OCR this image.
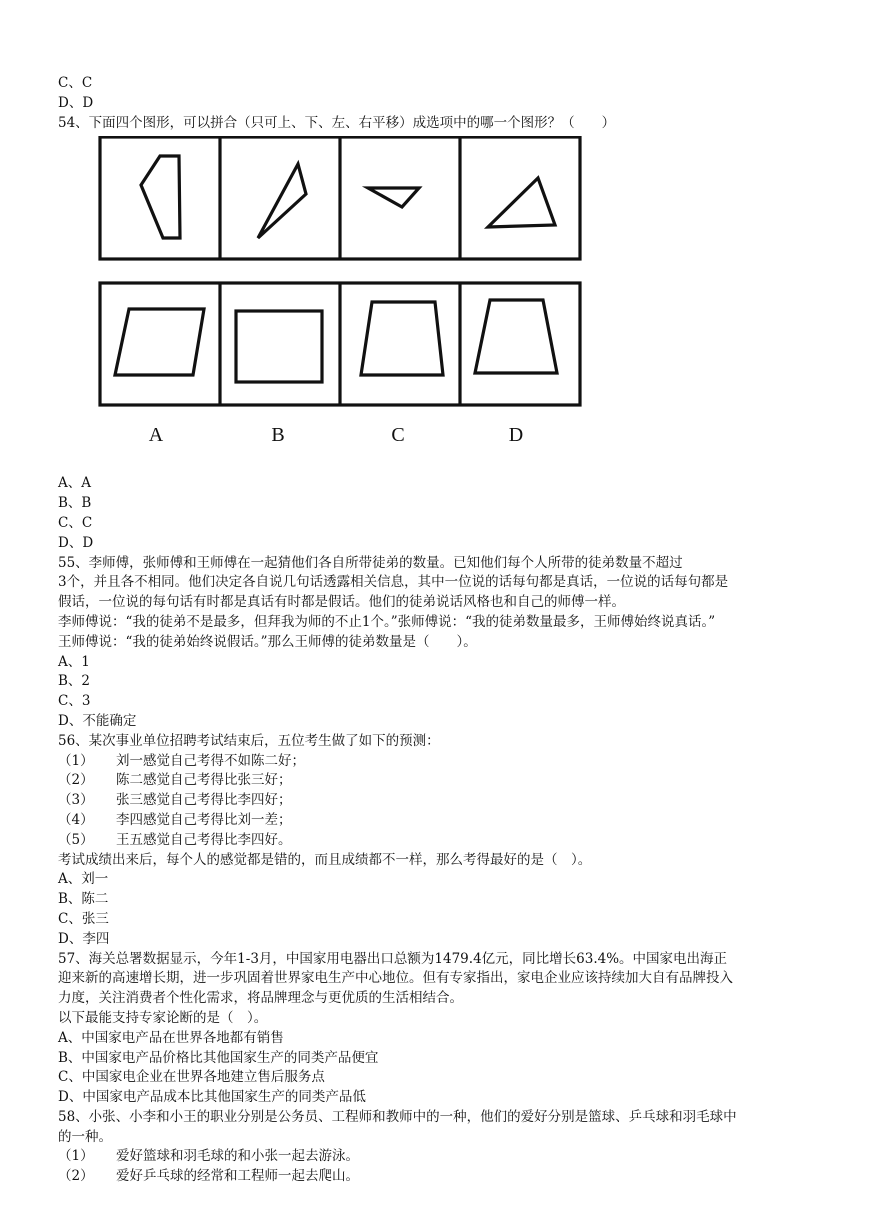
C、C
D、D
54、下面四个图形，可以拼合（只可上、下、左、右平移）成选项中的哪一个图形？（　　）
A	B	C	D
A、A
B、B
C、C
D、D
55、李师傅，张师傅和王师傅在一起猜他们各自所带徒弟的数量。已知他们每个人所带的徒弟数量不超过
3个，并且各不相同。他们决定各自说几句话透露相关信息，其中一位说的话每句都是真话，一位说的话每句都是
假话，一位说的每句话有时都是真话有时都是假话。他们的徒弟说话风格也和自己的师傅一样。
李师傅说：“我的徒弟不是最多，但拜我为师的不止1个。”张师傅说：“我的徒弟数量最多，王师傅始终说真话。”
王师傅说：“我的徒弟始终说假话。”那么王师傅的徒弟数量是（　　）。
A、1
B、2
C、3
D、不能确定
56、某次事业单位招聘考试结束后，五位考生做了如下的预测：
（1） 刘一感觉自己考得不如陈二好；
（2） 陈二感觉自己考得比张三好；
（3） 张三感觉自己考得比李四好；
（4） 李四感觉自己考得比刘一差；
（5） 王五感觉自己考得比李四好。
考试成绩出来后，每个人的感觉都是错的，而且成绩都不一样，那么考得最好的是（　）。
A、刘一
B、陈二
C、张三
D、李四
57、海关总署数据显示，今年1-3月，中国家用电器出口总额为1479.4亿元，同比增长63.4%。中国家电出海正
迎来新的高速增长期，进一步巩固着世界家电生产中心地位。但有专家指出，家电企业应该持续加大自有品牌投入
力度，关注消费者个性化需求，将品牌理念与更优质的生活相结合。
以下最能支持专家论断的是（　）。
A、中国家电产品在世界各地都有销售
B、中国家电产品价格比其他国家生产的同类产品便宜
C、中国家电企业在世界各地建立售后服务点
D、中国家电产品成本比其他国家生产的同类产品低
58、小张、小李和小王的职业分别是公务员、工程师和教师中的一种，他们的爱好分别是篮球、乒乓球和羽毛球中
的一种。
（1） 爱好篮球和羽毛球的和小张一起去游泳。
（2） 爱好乒乓球的经常和工程师一起去爬山。
